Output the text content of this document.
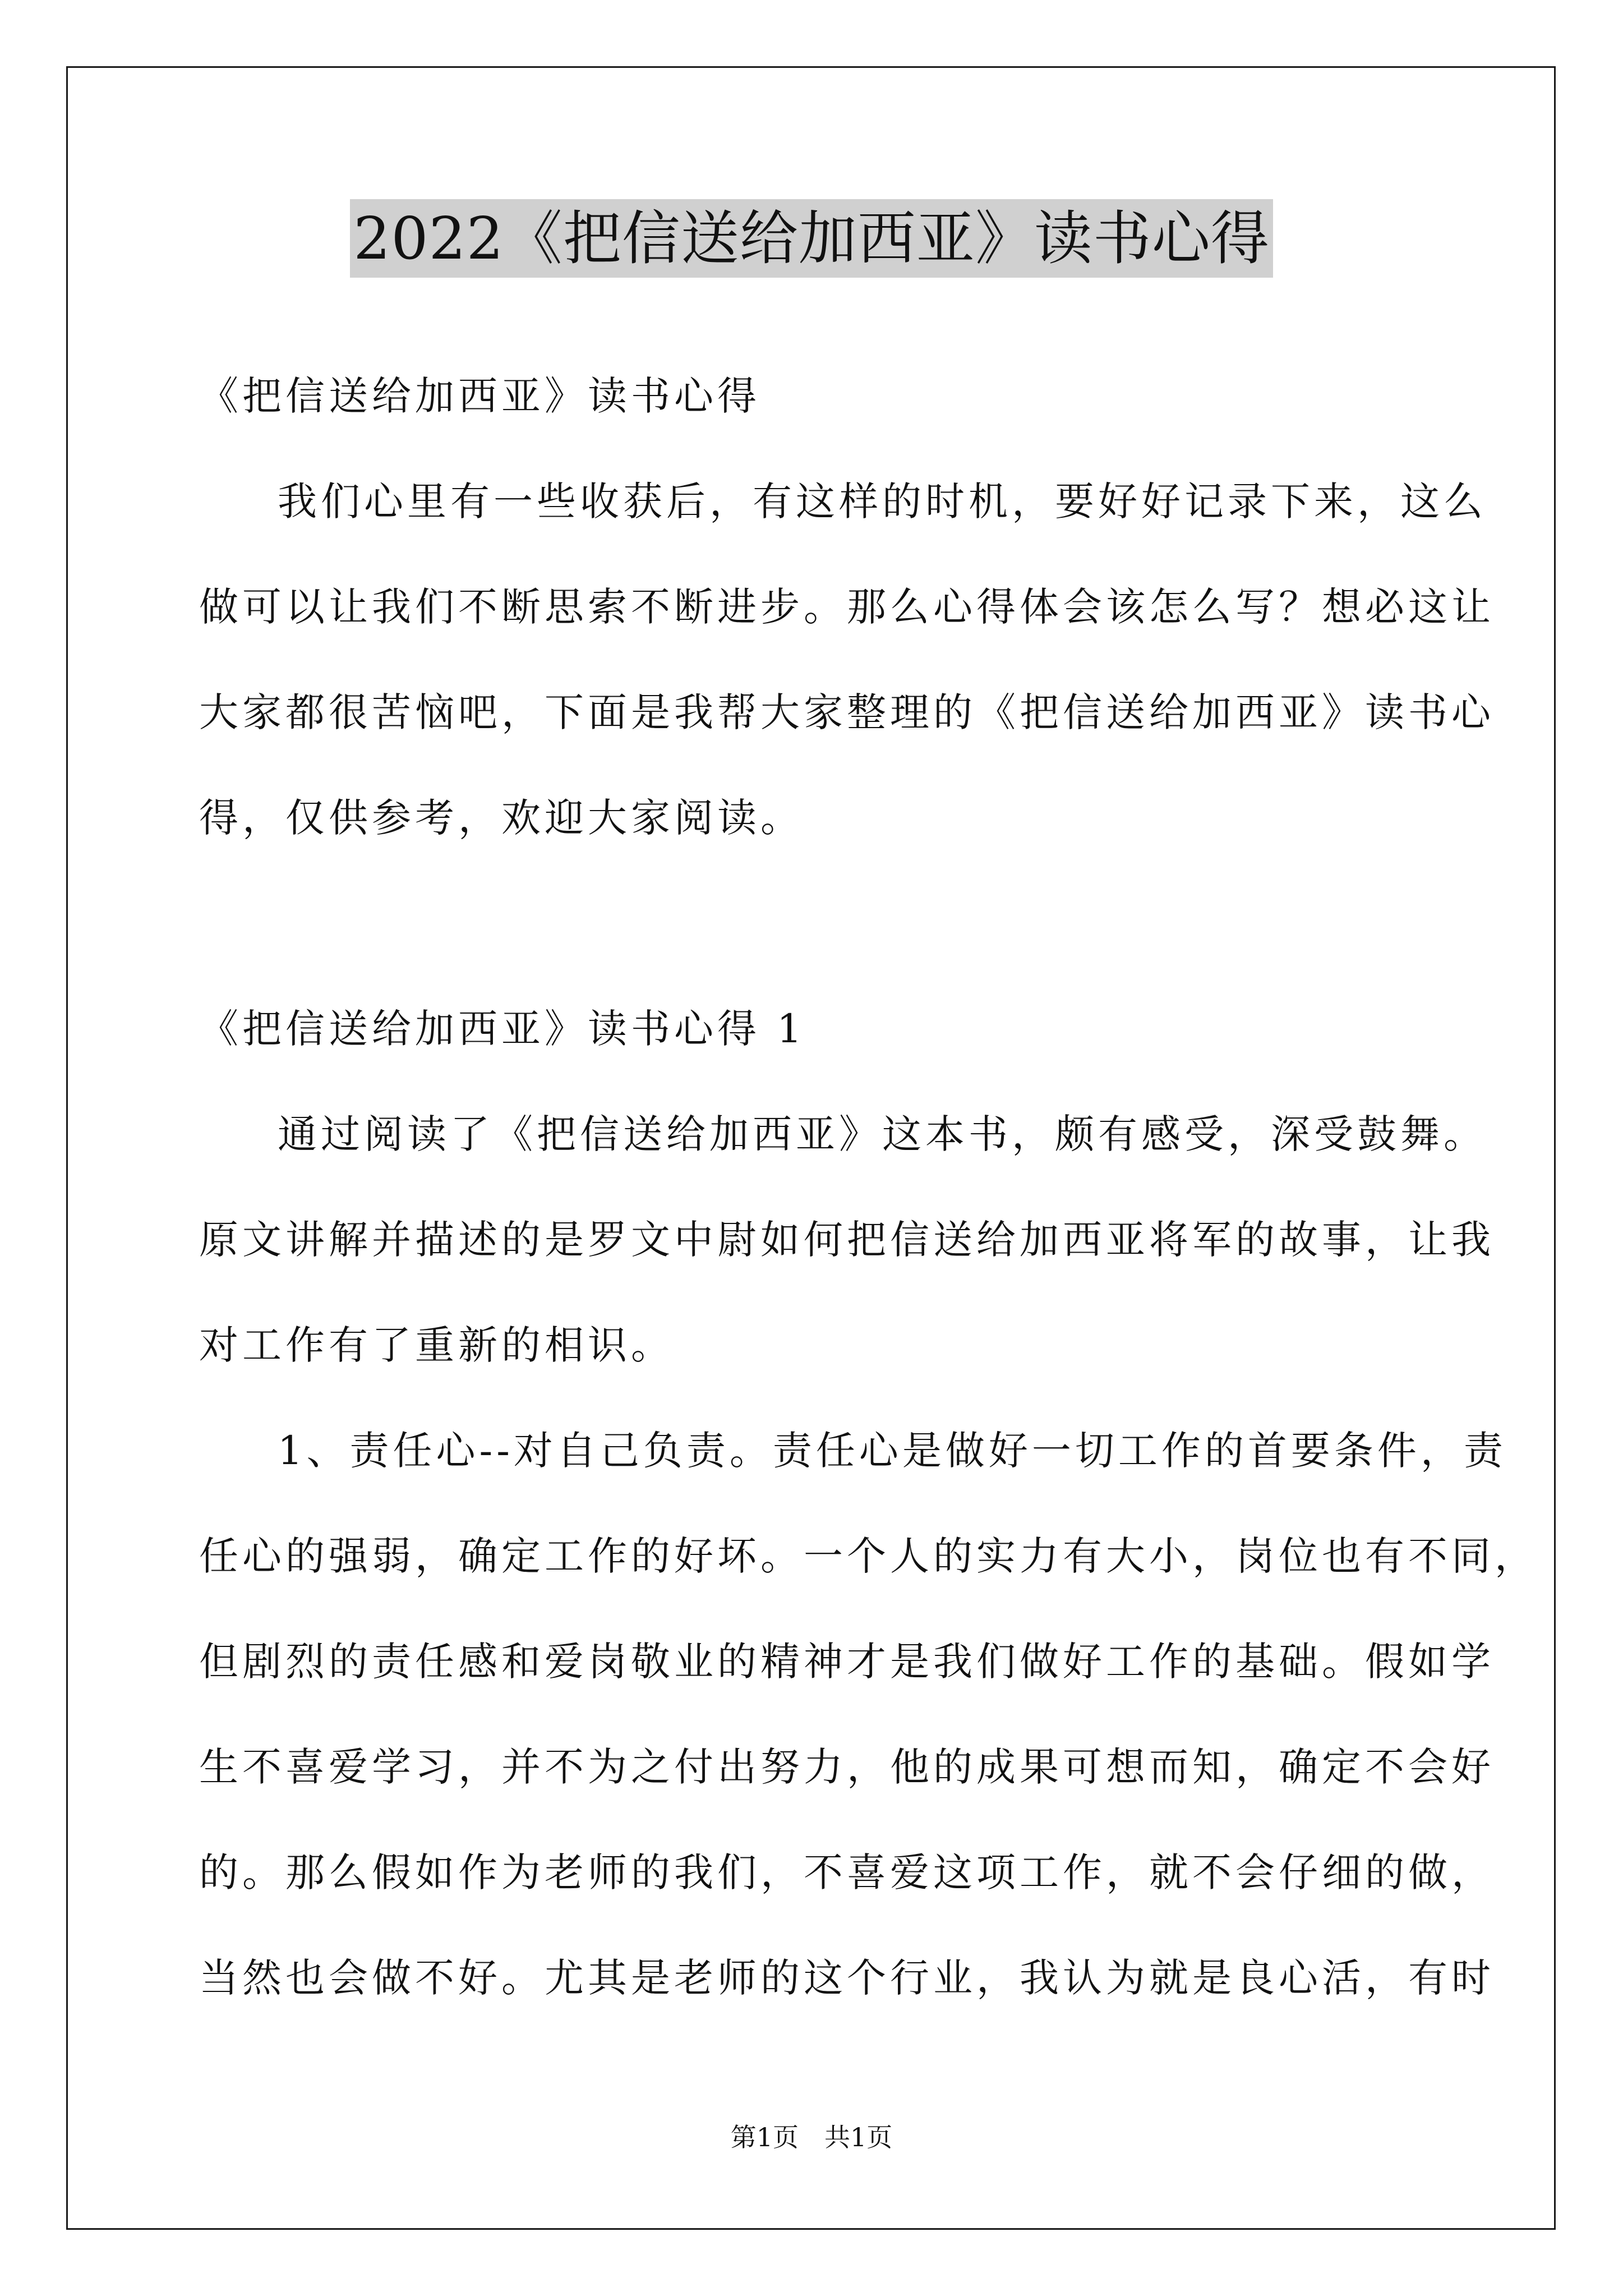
2022《把信送给加西亚》读书心得
《把信送给加西亚》读书心得
我们心里有一些收获后，有这样的时机，要好好记录下来，这么
做可以让我们不断思索不断进步。那么心得体会该怎么写？想必这让
大家都很苦恼吧，下面是我帮大家整理的《把信送给加西亚》读书心
得，仅供参考，欢迎大家阅读。
《把信送给加西亚》读书心得 1
通过阅读了《把信送给加西亚》这本书，颇有感受，深受鼓舞。
原文讲解并描述的是罗文中尉如何把信送给加西亚将军的故事，让我
对工作有了重新的相识。
1、责任心--对自己负责。责任心是做好一切工作的首要条件，责
任心的强弱，确定工作的好坏。一个人的实力有大小，岗位也有不同，
但剧烈的责任感和爱岗敬业的精神才是我们做好工作的基础。假如学
生不喜爱学习，并不为之付出努力，他的成果可想而知，确定不会好
的。那么假如作为老师的我们，不喜爱这项工作，就不会仔细的做，
当然也会做不好。尤其是老师的这个行业，我认为就是良心活，有时
第1页　共1页
